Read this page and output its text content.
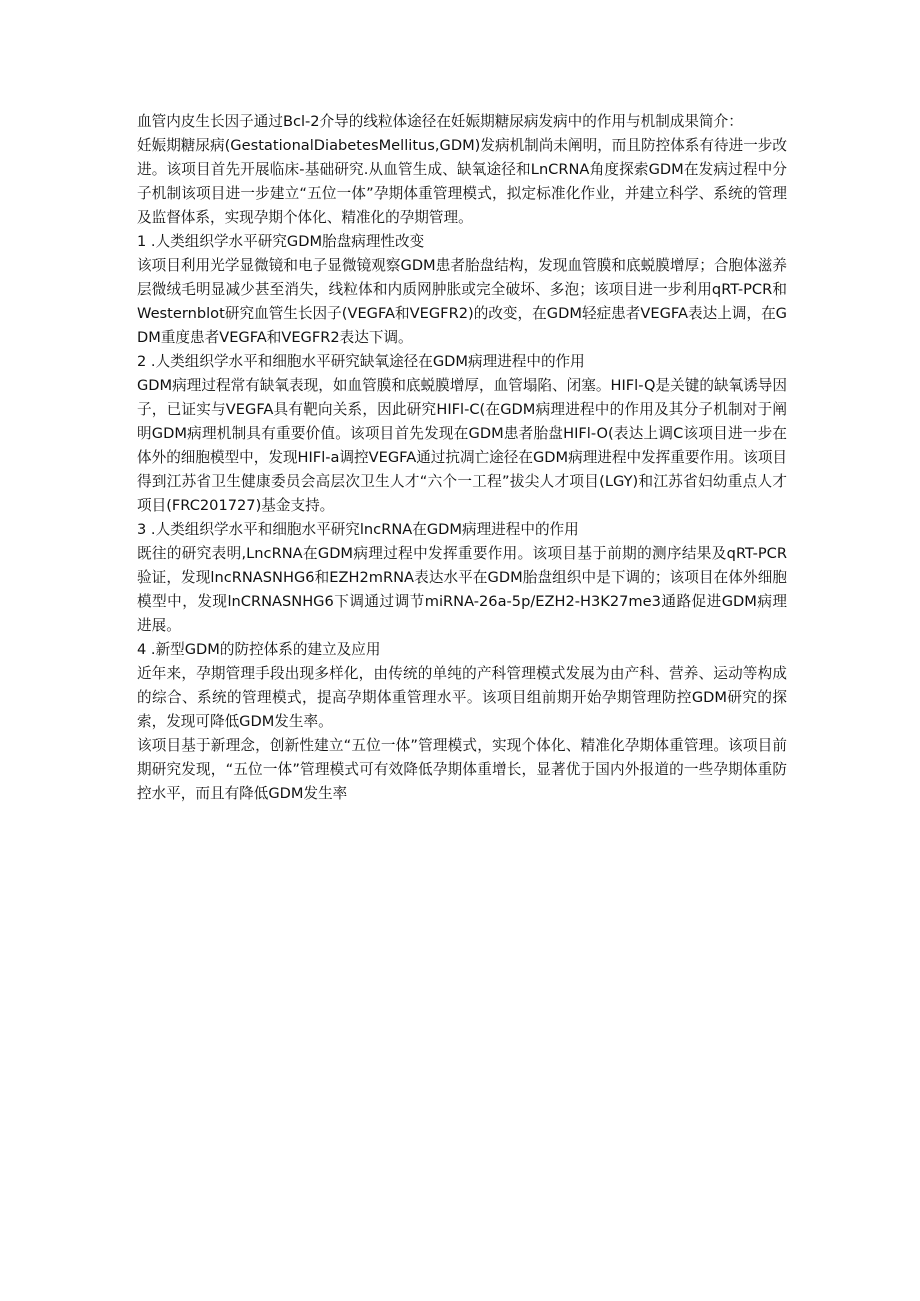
血管内皮生长因子通过Bcl-2介导的线粒体途径在妊娠期糖尿病发病中的作用与机制成果简介：

妊娠期糖尿病(GestationalDiabetesMellitus,GDM)发病机制尚未阐明，而且防控体系有待进一步改进。该项目首先开展临床-基础研究.从血管生成、缺氧途径和LnCRNA角度探索GDM在发病过程中分子机制该项目进一步建立“五位一体”孕期体重管理模式，拟定标准化作业，并建立科学、系统的管理及监督体系，实现孕期个体化、精准化的孕期管理。

1 .人类组织学水平研究GDM胎盘病理性改变

该项目利用光学显微镜和电子显微镜观察GDM患者胎盘结构，发现血管膜和底蜕膜增厚；合胞体滋养层微绒毛明显减少甚至消失，线粒体和内质网肿胀或完全破坏、多泡；该项目进一步利用qRT-PCR和Westernblot研究血管生长因子(VEGFA和VEGFR2)的改变，在GDM轻症患者VEGFA表达上调，在GDM重度患者VEGFA和VEGFR2表达下调。

2 .人类组织学水平和细胞水平研究缺氧途径在GDM病理进程中的作用

GDM病理过程常有缺氧表现，如血管膜和底蜕膜增厚，血管塌陷、闭塞。HIFl-Q是关键的缺氧诱导因子，已证实与VEGFA具有靶向关系，因此研究HIFl-C(在GDM病理进程中的作用及其分子机制对于阐明GDM病理机制具有重要价值。该项目首先发现在GDM患者胎盘HIFl-O(表达上调C该项目进一步在体外的细胞模型中，发现HIFl-a调控VEGFA通过抗凋亡途径在GDM病理进程中发挥重要作用。该项目得到江苏省卫生健康委员会高层次卫生人才“六个一工程”拔尖人才项目(LGY)和江苏省妇幼重点人才项目(FRC201727)基金支持。

3 .人类组织学水平和细胞水平研究lncRNA在GDM病理进程中的作用

既往的研究表明,LncRNA在GDM病理过程中发挥重要作用。该项目基于前期的测序结果及qRT-PCR验证，发现lncRNASNHG6和EZH2mRNA表达水平在GDM胎盘组织中是下调的；该项目在体外细胞模型中，发现lnCRNASNHG6下调通过调节miRNA-26a-5p∕EZH2-H3K27me3通路促进GDM病理进展。

4 .新型GDM的防控体系的建立及应用

近年来，孕期管理手段出现多样化，由传统的单纯的产科管理模式发展为由产科、营养、运动等构成的综合、系统的管理模式，提高孕期体重管理水平。该项目组前期开始孕期管理防控GDM研究的探索，发现可降低GDM发生率。

该项目基于新理念，创新性建立“五位一体”管理模式，实现个体化、精准化孕期体重管理。该项目前期研究发现，“五位一体”管理模式可有效降低孕期体重增长，显著优于国内外报道的一些孕期体重防控水平，而且有降低GDM发生率
